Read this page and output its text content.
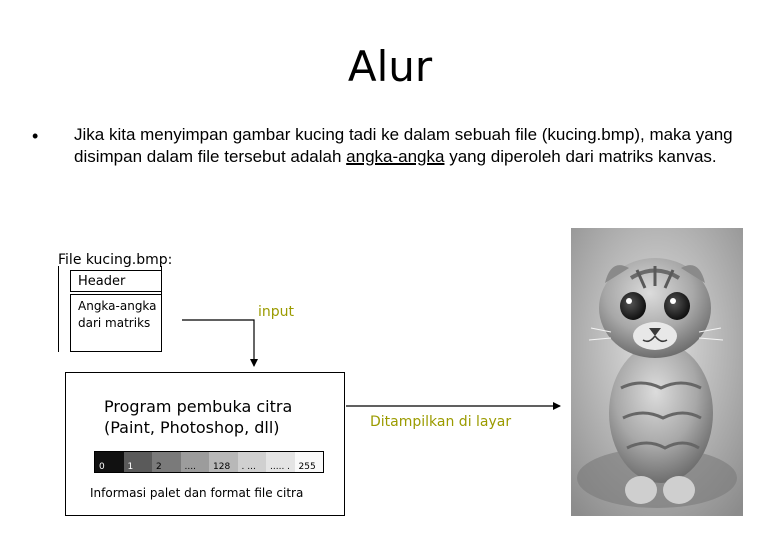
Alur
• Jika kita menyimpan gambar kucing tadi ke dalam sebuah file (kucing.bmp), maka yang disimpan dalam file tersebut adalah angka-angka yang diperoleh dari matriks kanvas.
File kucing.bmp:
Header
Angka-angka dari matriks
input
Ditampilkan di layar
Program pembuka citra
(Paint, Photoshop, dll)
0	1	2	.... 128 . ... ..... . 255
Informasi palet dan format file citra
